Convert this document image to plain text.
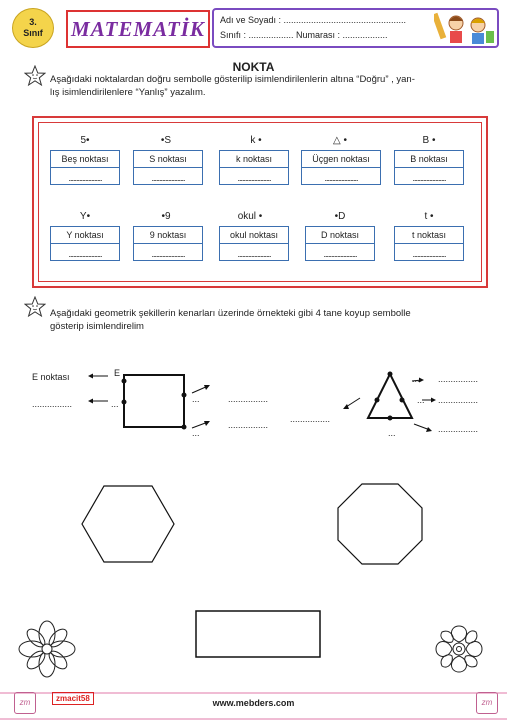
3.
Sınıf	MATEMATİK Adı ve Soyadı : .................................................
Sınıfı : .................. Numarası : ..................
NOKTA
Aşağıdaki noktalardan doğru sembolle gösterilip isimlendirilenlerin altına “Doğru” , yan-
lış isimlendirilenlere “Yanlış” yazalım.
5•	•S	k •	△ •	B •
Beş noktası
......................
S noktası
......................
k noktası
......................
Üçgen noktası
......................
B noktası
......................
Y•	•9	okul •	•D	t •
Y noktası
......................
9 noktası
......................
okul noktası
......................
D noktası
......................
t noktası
......................
Aşağıdaki geometrik şekillerin kenarları üzerinde örnekteki gibi 4 tane koyup sembolle
gösterip isimlendirelim
E noktası
................
E
...
...
...	................
................
...
...
...
................
................
................
................
zm	zm
zmacit58	www.mebders.com
